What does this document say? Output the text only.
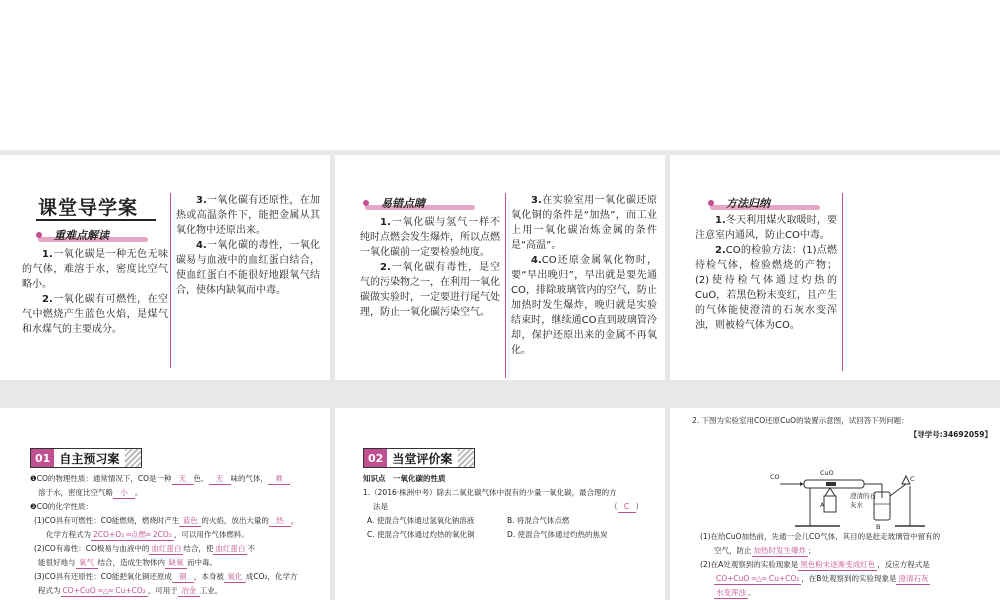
课堂导学案
重难点解读

1.一氧化碳是一种无色无味的气体，难溶于水，密度比空气略小。

2.一氧化碳有可燃性，在空气中燃烧产生蓝色火焰，是煤气和水煤气的主要成分。

3.一氧化碳有还原性，在加热或高温条件下，能把金属从其氧化物中还原出来。

4.一氧化碳的毒性，一氧化碳易与血液中的血红蛋白结合，使血红蛋白不能很好地跟氧气结合，使体内缺氧而中毒。

易错点睛

1.一氧化碳与氢气一样不纯时点燃会发生爆炸，所以点燃一氧化碳前一定要检验纯度。

2.一氧化碳有毒性，是空气的污染物之一，在利用一氧化碳做实验时，一定要进行尾气处理，防止一氧化碳污染空气。

3.在实验室用一氧化碳还原氧化铜的条件是“加热”，而工业上用一氧化碳冶炼金属的条件是“高温”。

4.CO还原金属氧化物时，要“早出晚归”，早出就是要先通CO，排除玻璃管内的空气，防止加热时发生爆炸，晚归就是实验结束时，继续通CO直到玻璃管冷却，保护还原出来的金属不再氧化。

方法归纳

1.冬天利用煤火取暖时，要注意室内通风，防止CO中毒。

2.CO的检验方法：(1)点燃待检气体，检验燃烧的产物；(2)使待检气体通过灼热的CuO，若黑色粉末变红，且产生的气体能使澄清的石灰水变浑浊，则被检气体为CO。

01 自主预习案
❶CO的物理性质：通常情况下，CO是一种 无 色、 无 味的气体， 难
溶于水，密度比空气略 小 。
❷CO的化学性质：
(1)CO具有可燃性：CO能燃烧，燃烧时产生 蓝色 的火焰，放出大量的 热 ，
化学方程式为 2CO+O₂ ═点燃═ 2CO₂ ，可以用作气体燃料。
(2)CO有毒性：CO极易与血液中的 血红蛋白 结合，使 血红蛋白 不
能很好地与 氧气 结合，造成生物体内 缺氧 而中毒。
(3)CO具有还原性：CO能把氧化铜还原成 铜 ，本身被 氧化 成CO₂，化学方
程式为 CO+CuO ═△═ Cu+CO₂ ，可用于 冶金 工业。
02 当堂评价案
知识点　一氧化碳的性质
1.（2016·株洲中考）除去二氧化碳气体中混有的少量一氧化碳，最合理的方
法是	（ C ）
A. 使混合气体通过氢氧化钠溶液	B. 将混合气体点燃
C. 使混合气体通过灼热的氧化铜	D. 使混合气体通过灼热的焦炭
2. 下图为实验室用CO还原CuO的装置示意图，试回答下列问题：
【导学号:34692059】
CO	CuO
A
澄清的石灰水
B
C
(1)在给CuO加热前，先通一会儿CO气体，其目的是赶走玻璃管中留有的
空气，防止 加热时发生爆炸 ；
(2)在A处观察到的实验现象是 黑色粉末逐渐变成红色 ，反应方程式是
CO+CuO ═△═ Cu+CO₂ ，在B处观察到的实验现象是 澄清石灰
水变浑浊 。
